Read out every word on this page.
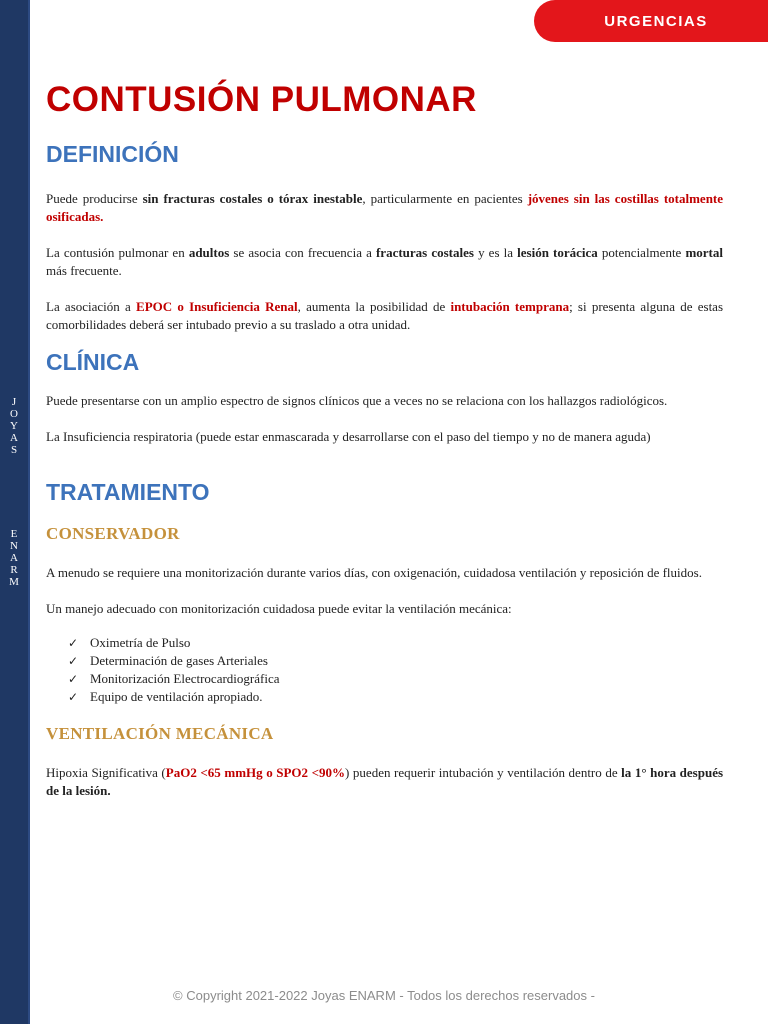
J
O
Y
A
S
E
N
A
R
M
URGENCIAS
CONTUSIÓN PULMONAR
DEFINICIÓN

Puede producirse sin fracturas costales o tórax inestable, particularmente en pacientes jóvenes sin las costillas totalmente osificadas.

La contusión pulmonar en adultos se asocia con frecuencia a fracturas costales y es la lesión torácica potencialmente mortal más frecuente.

La asociación a EPOC o Insuficiencia Renal, aumenta la posibilidad de intubación temprana; si presenta alguna de estas comorbilidades deberá ser intubado previo a su traslado a otra unidad.

CLÍNICA

Puede presentarse con un amplio espectro de signos clínicos que a veces no se relaciona con los hallazgos radiológicos.

La Insuficiencia respiratoria (puede estar enmascarada y desarrollarse con el paso del tiempo y no de manera aguda)

TRATAMIENTO
CONSERVADOR

A menudo se requiere una monitorización durante varios días, con oxigenación, cuidadosa ventilación y reposición de fluidos.

Un manejo adecuado con monitorización cuidadosa puede evitar la ventilación mecánica:

✓ Oximetría de Pulso
✓ Determinación de gases Arteriales
✓ Monitorización Electrocardiográfica
✓ Equipo de ventilación apropiado.
VENTILACIÓN MECÁNICA

Hipoxia Significativa (PaO2 <65 mmHg o SPO2 <90%) pueden requerir intubación y ventilación dentro de la 1° hora después de la lesión.

© Copyright 2021-2022 Joyas ENARM - Todos los derechos reservados -
